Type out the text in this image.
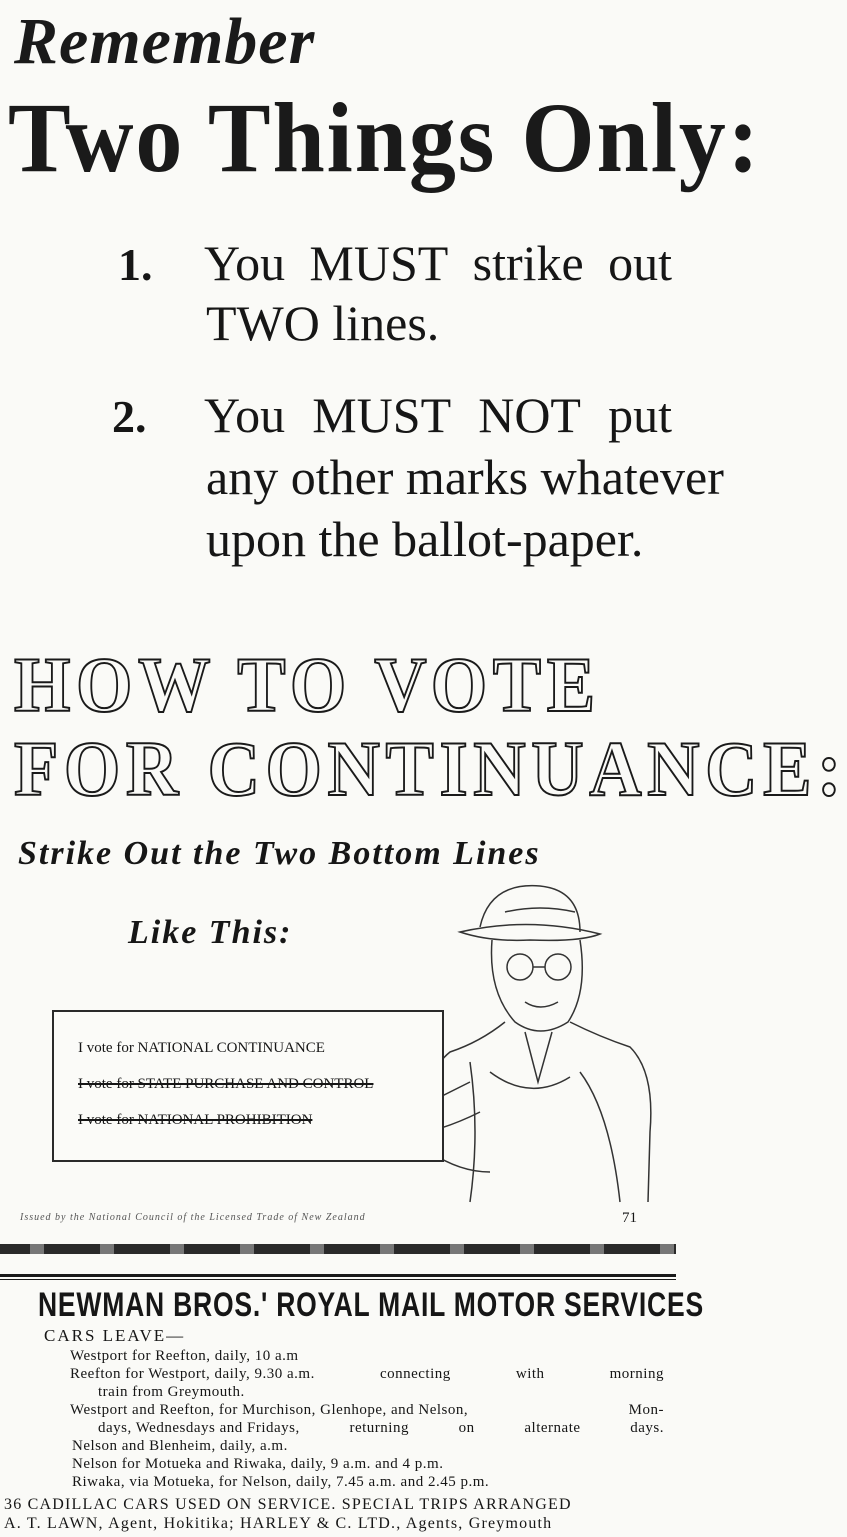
Remember
Two Things Only:
1. You MUST strike out
TWO lines.
2. You MUST NOT put
any other marks whatever
upon the ballot-paper.
HOW TO VOTE
FOR CONTINUANCE:
Strike Out the Two Bottom Lines
Like This:
I vote for NATIONAL CONTINUANCE
I vote for STATE PURCHASE AND CONTROL
I vote for NATIONAL PROHIBITION
Issued by the National Council of the Licensed Trade of New Zealand	71
NEWMAN BROS.' ROYAL MAIL MOTOR SERVICES
CARS LEAVE—
Westport for Reefton, daily, 10 a.m
Reefton for Westport, daily, 9.30 a.m.	connecting	with	morning
train from Greymouth.
Westport and Reefton, for Murchison, Glenhope, and Nelson,	Mon-
days, Wednesdays and Fridays,	returning	on	alternate	days.
Nelson and Blenheim, daily, a.m.
Nelson for Motueka and Riwaka, daily, 9 a.m. and 4 p.m.
Riwaka, via Motueka, for Nelson, daily, 7.45 a.m. and 2.45 p.m.
36 CADILLAC CARS USED ON SERVICE. SPECIAL TRIPS ARRANGED
A. T. LAWN, Agent, Hokitika; HARLEY & C. LTD., Agents, Greymouth
